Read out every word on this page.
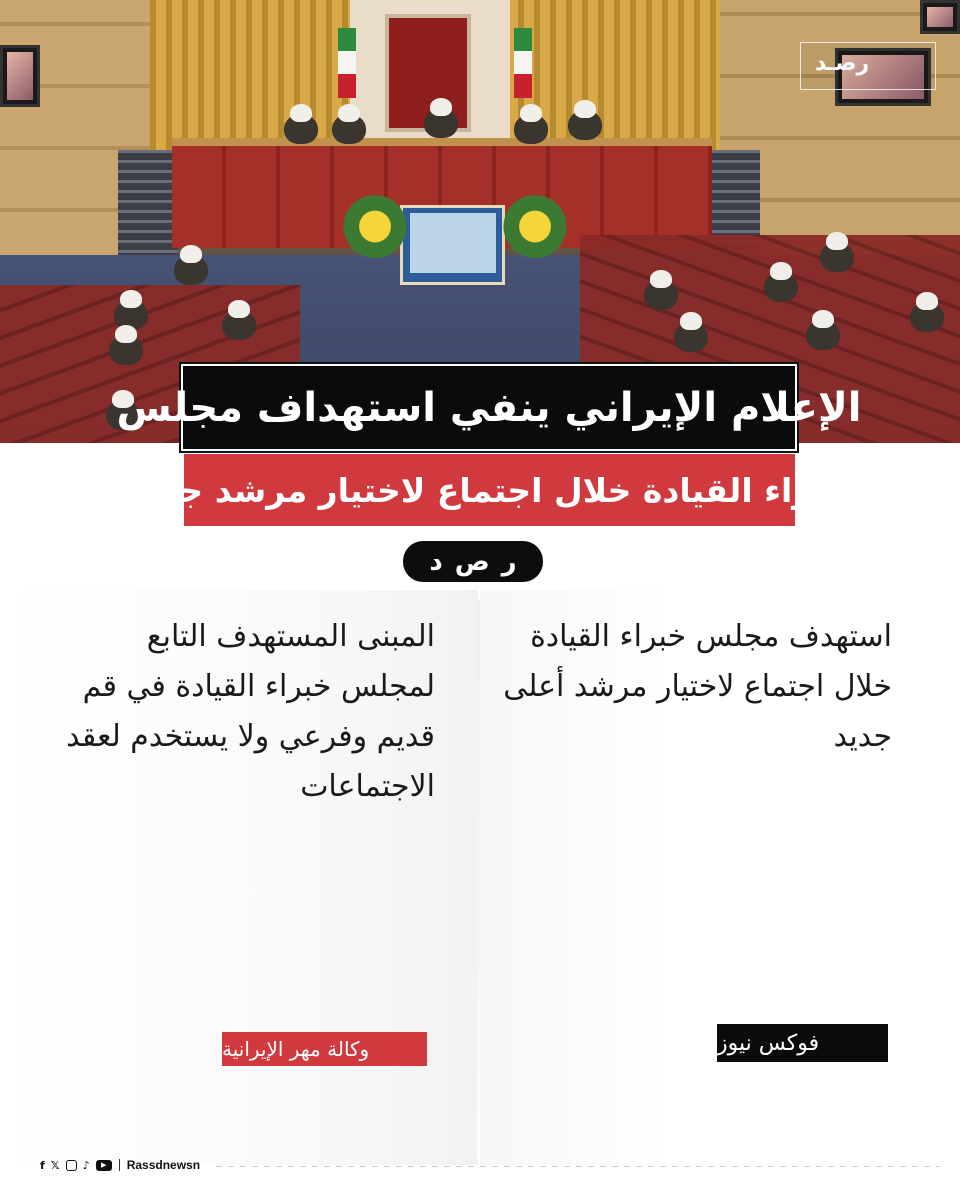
رصـد
الإعلام الإيراني ينفي استهداف مجلس
خبراء القيادة خلال اجتماع لاختيار مرشد جديد
د ص ر
استهدف مجلس خبراء القيادة خلال اجتماع لاختيار مرشد أعلى جديد
المبنى المستهدف التابع لمجلس خبراء القيادة في قم قديم وفرعي ولا يستخدم لعقد الاجتماعات
فوكس نيوز
وكالة مهر الإيرانية
f 𝕏 ♪	▶	Rassdnewsn
